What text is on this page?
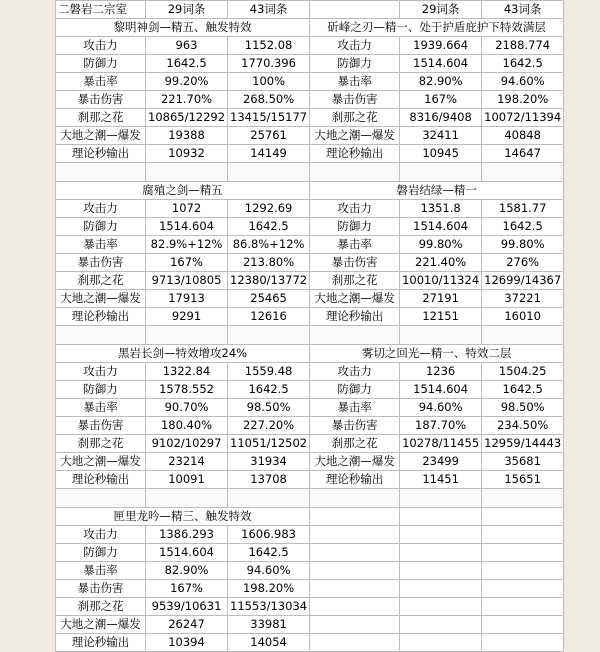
二磐岩二宗室	29词条	43词条		29词条	43词条
黎明神剑—精五、触发特效			斫峰之刃—精一、处于护盾庇护下特效满层		
攻击力	963	1152.08	攻击力	1939.664	2188.774
防御力	1642.5	1770.396	防御力	1514.604	1642.5
暴击率	99.20%	100%	暴击率	82.90%	94.60%
暴击伤害	221.70%	268.50%	暴击伤害	167%	198.20%
刹那之花	10865/12292	13415/15177	刹那之花	8316/9408	10072/11394
大地之潮—爆发	19388	25761	大地之潮—爆发	32411	40848
理论秒输出	10932	14149	理论秒输出	10945	14647

腐殖之剑—精五			磐岩结绿—精一		
攻击力	1072	1292.69	攻击力	1351.8	1581.77
防御力	1514.604	1642.5	防御力	1514.604	1642.5
暴击率	82.9%+12%	86.8%+12%	暴击率	99.80%	99.80%
暴击伤害	167%	213.80%	暴击伤害	221.40%	276%
刹那之花	9713/10805	12380/13772	刹那之花	10010/11324	12699/14367
大地之潮—爆发	17913	25465	大地之潮—爆发	27191	37221
理论秒输出	9291	12616	理论秒输出	12151	16010

黑岩长剑—特效增攻24%			雾切之回光—精一、特效二层		
攻击力	1322.84	1559.48	攻击力	1236	1504.25
防御力	1578.552	1642.5	防御力	1514.604	1642.5
暴击率	90.70%	98.50%	暴击率	94.60%	98.50%
暴击伤害	180.40%	227.20%	暴击伤害	187.70%	234.50%
刹那之花	9102/10297	11051/12502	刹那之花	10278/11455	12959/14443
大地之潮—爆发	23214	31934	大地之潮—爆发	23499	35681
理论秒输出	10091	13708	理论秒输出	11451	15651

匣里龙吟—精三、触发特效					
攻击力	1386.293	1606.983			
防御力	1514.604	1642.5			
暴击率	82.90%	94.60%			
暴击伤害	167%	198.20%			
刹那之花	9539/10631	11553/13034			
大地之潮—爆发	26247	33981			
理论秒输出	10394	14054			
